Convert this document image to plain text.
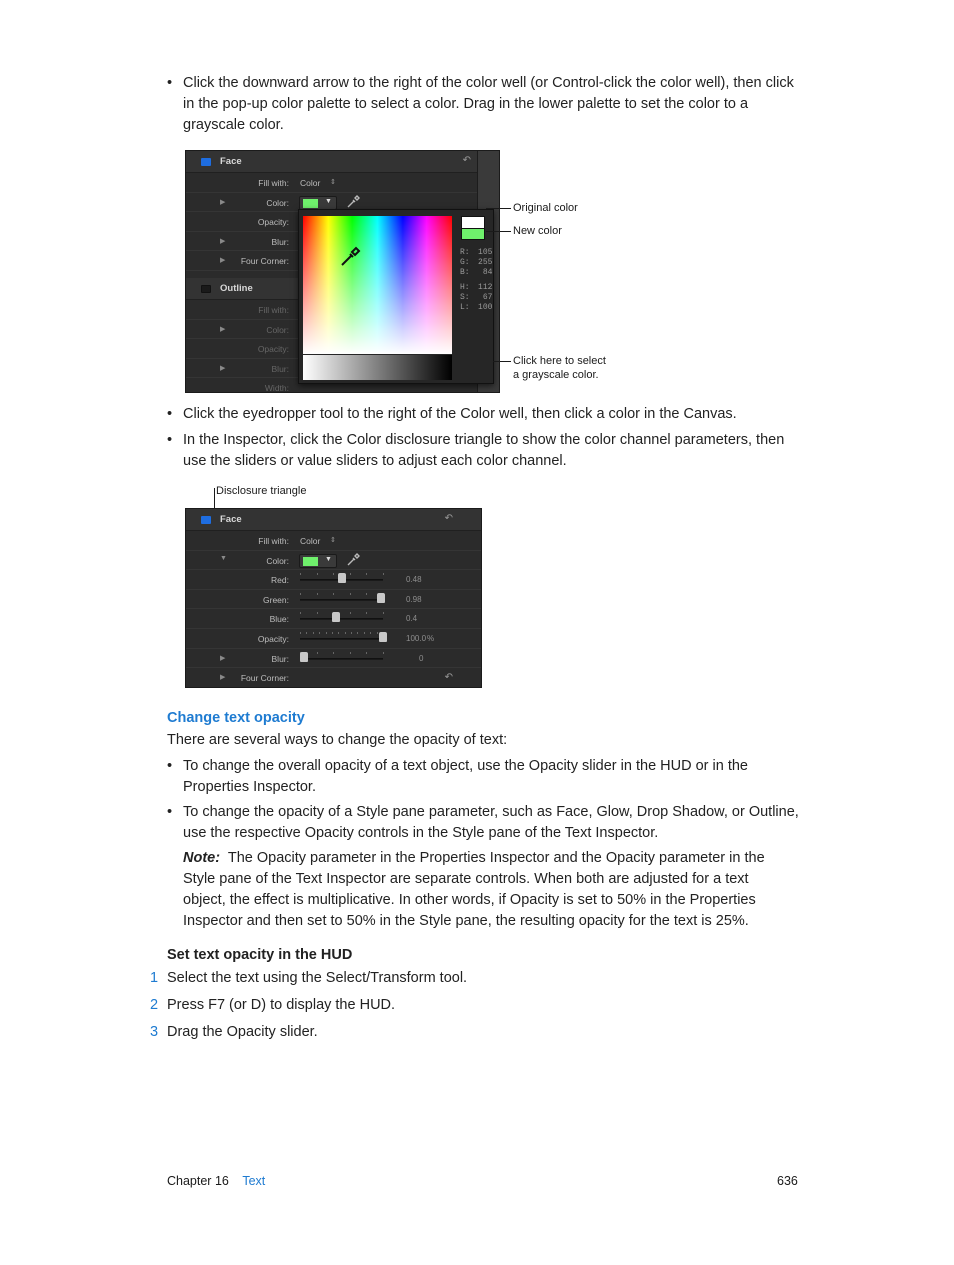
• Click the downward arrow to the right of the color well (or Control-click the color well), then click in the pop-up color palette to select a color. Drag in the lower palette to set the color to a grayscale color.
Face	↶
Fill with: Color ⇕
▶	Color:	▼
Opacity:
▶	Blur:
▶ Four Corner:
Outline
Fill with:
▶	Color:
Opacity:
▶	Blur:
Width:
R: 105
G: 255
B: 84
H: 112
S: 67
L: 100
Original color
New color
Click here to select
a grayscale color.
• Click the eyedropper tool to the right of the Color well, then click a color in the Canvas.
• In the Inspector, click the Color disclosure triangle to show the color channel parameters, then use the sliders or value sliders to adjust each color channel.
Disclosure triangle
Face	↶
Fill with: Color ⇕
▼	Color:	▼
Red:	0.48
Green:	0.98
Blue:	0.4
Opacity:	100.0 %
▶	Blur:	0
▶ Four Corner:	↶
Change text opacity
There are several ways to change the opacity of text:
• To change the overall opacity of a text object, use the Opacity slider in the HUD or in the Properties Inspector.
• To change the opacity of a Style pane parameter, such as Face, Glow, Drop Shadow, or Outline, use the respective Opacity controls in the Style pane of the Text Inspector.
Note: The Opacity parameter in the Properties Inspector and the Opacity parameter in the Style pane of the Text Inspector are separate controls. When both are adjusted for a text object, the effect is multiplicative. In other words, if Opacity is set to 50% in the Properties Inspector and then set to 50% in the Style pane, the resulting opacity for the text is 25%.
Set text opacity in the HUD
1 Select the text using the Select/Transform tool.
2 Press F7 (or D) to display the HUD.
3 Drag the Opacity slider.
Chapter 16 Text	636
